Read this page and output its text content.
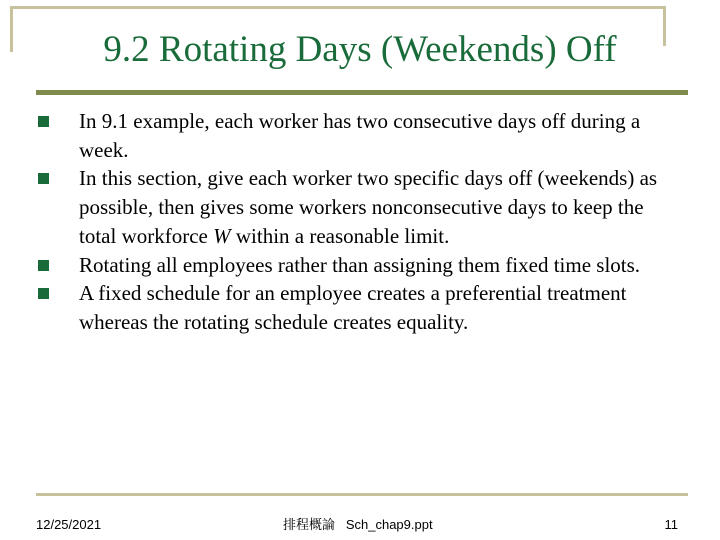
9.2 Rotating Days (Weekends) Off
In 9.1 example, each worker has two consecutive days off during a week.
In this section, give each worker two specific days off (weekends) as possible, then gives some workers nonconsecutive days to keep the total workforce W within a reasonable limit.
Rotating all employees rather than assigning them fixed time slots.
A fixed schedule for an employee creates a preferential treatment whereas the rotating schedule creates equality.
12/25/2021	排程概論   Sch_chap9.ppt	11
